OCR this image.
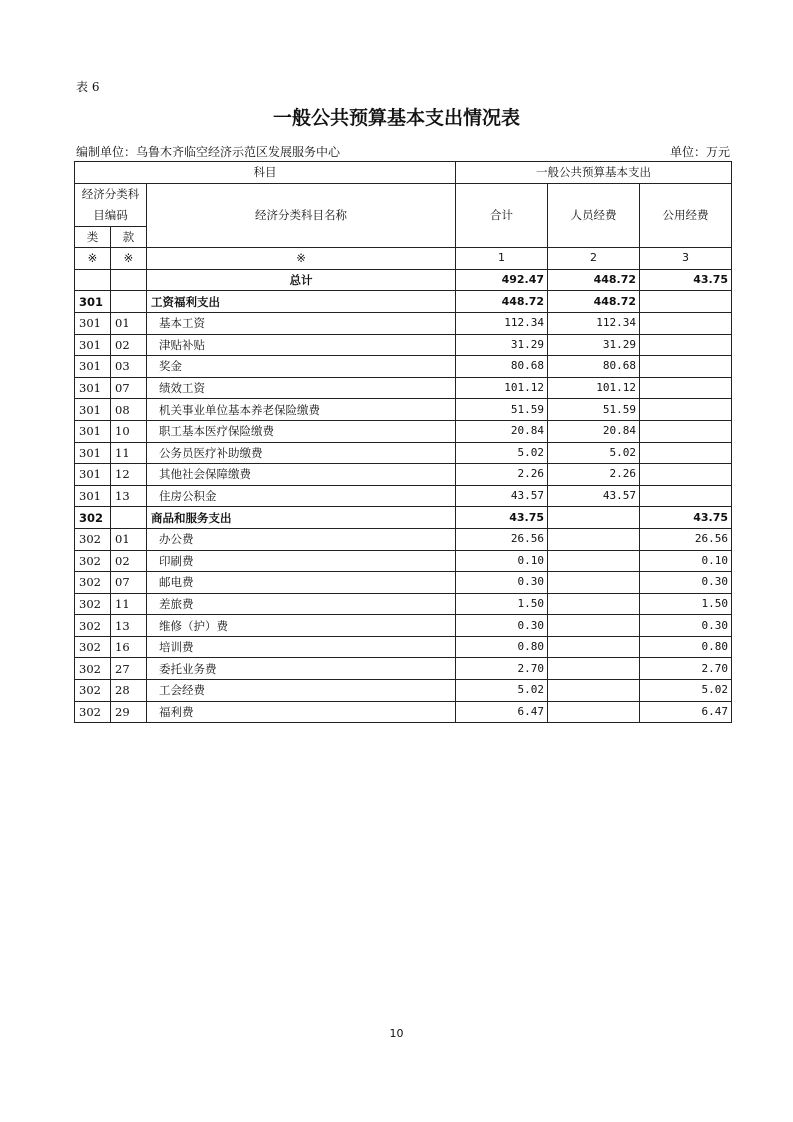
表 6
一般公共预算基本支出情况表
编制单位：乌鲁木齐临空经济示范区发展服务中心	单位：万元
科目			一般公共预算基本支出		
经济分类科目编码		经济分类科目名称	合计	人员经费	公用经费
类	款				
※	※	※	1	2	3
		总计	492.47	448.72	43.75
301		工资福利支出	448.72	448.72	
301	01	基本工资	112.34	112.34	
301	02	津贴补贴	31.29	31.29	
301	03	奖金	80.68	80.68	
301	07	绩效工资	101.12	101.12	
301	08	机关事业单位基本养老保险缴费	51.59	51.59	
301	10	职工基本医疗保险缴费	20.84	20.84	
301	11	公务员医疗补助缴费	5.02	5.02	
301	12	其他社会保障缴费	2.26	2.26	
301	13	住房公积金	43.57	43.57	
302		商品和服务支出	43.75		43.75
302	01	办公费	26.56		26.56
302	02	印刷费	0.10		0.10
302	07	邮电费	0.30		0.30
302	11	差旅费	1.50		1.50
302	13	维修（护）费	0.30		0.30
302	16	培训费	0.80		0.80
302	27	委托业务费	2.70		2.70
302	28	工会经费	5.02		5.02
302	29	福利费	6.47		6.47
10
